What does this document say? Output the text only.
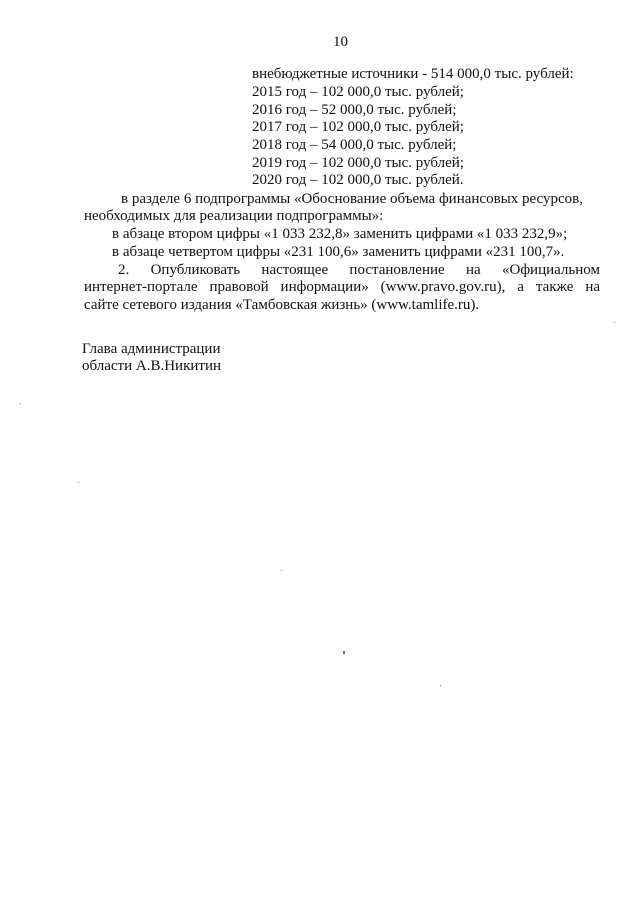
10
внебюджетные источники - 514 000,0 тыс. рублей:
2015 год – 102 000,0 тыс. рублей;
2016 год – 52 000,0 тыс. рублей;
2017 год – 102 000,0 тыс. рублей;
2018 год – 54 000,0 тыс. рублей;
2019 год – 102 000,0 тыс. рублей;
2020 год – 102 000,0 тыс. рублей.
в разделе 6 подпрограммы «Обоснование объема финансовых ресурсов,
необходимых для реализации подпрограммы»:
в абзаце втором цифры «1 033 232,8» заменить цифрами «1 033 232,9»;
в абзаце четвертом цифры «231 100,6» заменить цифрами «231 100,7».
2. Опубликовать настоящее постановление на «Официальном
интернет-портале правовой информации» (www.pravo.gov.ru), а также на
сайте сетевого издания «Тамбовская жизнь» (www.tamlife.ru).
Глава администрации
области А.В.Никитин
